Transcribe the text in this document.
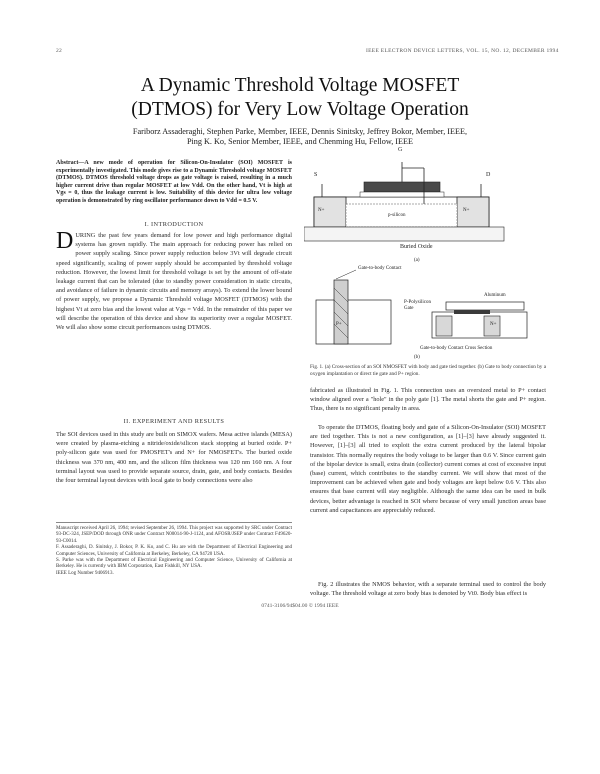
22	IEEE ELECTRON DEVICE LETTERS, VOL. 15, NO. 12, DECEMBER 1994
A Dynamic Threshold Voltage MOSFET
(DTMOS) for Very Low Voltage Operation
Fariborz Assaderaghi, Stephen Parke, Member, IEEE, Dennis Sinitsky, Jeffrey Bokor, Member, IEEE,
Ping K. Ko, Senior Member, IEEE, and Chenming Hu, Fellow, IEEE
Abstract—A new mode of operation for Silicon-On-Insulator (SOI) MOSFET is experimentally investigated. This mode gives rise to a Dynamic Threshold voltage MOSFET (DTMOS). DTMOS threshold voltage drops as gate voltage is raised, resulting in a much higher current drive than regular MOSFET at low Vdd. On the other hand, Vt is high at Vgs = 0, thus the leakage current is low. Suitability of this device for ultra low voltage operation is demonstrated by ring oscillator performance down to Vdd = 0.5 V.
I. INTRODUCTION
DURING the past few years demand for low power and high performance digital systems has grown rapidly. The main approach for reducing power has relied on power supply scaling. Since power supply reduction below 3Vt will degrade circuit speed significantly, scaling of power supply should be accompanied by threshold voltage reduction. However, the lowest limit for threshold voltage is set by the amount of off-state leakage current that can be tolerated (due to standby power consideration in static circuits, and avoidance of failure in dynamic circuits and memory arrays). To extend the lower bound of power supply, we propose a Dynamic Threshold voltage MOSFET (DTMOS) with the highest Vt at zero bias and the lowest value at Vgs = Vdd. In the remainder of this paper we will describe the operation of this device and show its superiority over a regular MOSFET. We will also show some circuit performances using DTMOS.
II. EXPERIMENT AND RESULTS
The SOI devices used in this study are built on SIMOX wafers. Mesa active islands (MESA) were created by plasma-etching a nitride/oxide/silicon stack stopping at buried oxide. P+ poly-silicon gate was used for PMOSFET's and N+ for NMOSFET's. The buried oxide thickness was 370 nm, 400 nm, and the silicon film thickness was 120 nm 160 nm. A four terminal layout was used to provide separate source, drain, gate, and body contacts. Besides the four terminal layout devices with local gate to body connections were also
Manuscript received April 26, 1994; revised September 26, 1994. This project was supported by SRC under Contract 93-DC-324, JSEP/DOD through ONR under Contract N00014-90-J-1124, and AFOSR/JSEP under Contract F49620-93-C0014.
F. Assaderaghi, D. Sinitsky, J. Bokor, P. K. Ko, and C. Hu are with the Department of Electrical Engineering and Computer Sciences, University of California at Berkeley, Berkeley, CA 94720 USA.
S. Parke was with the Department of Electrical Engineering and Computer Science, University of California at Berkeley. He is currently with IBM Corporation, East Fishkill, NY USA.
IEEE Log Number 9406913.
G
S	D
N+	N+
p-silicon
Buried Oxide
(a)
Gate-to-body Contact
Aluminum
P-Polysilicon Gate
P+	N+
Gate-to-body Contact Cross Section
(b)
Fig. 1. (a) Cross-section of an SOI NMOSFET with body and gate tied together. (b) Gate to body connection by a oxygen implantation or direct tie gate and P+ region.
fabricated as illustrated in Fig. 1. This connection uses an oversized metal to P+ contact window aligned over a "hole" in the poly gate [1]. The metal shorts the gate and P+ region. Thus, there is no significant penalty in area.
To operate the DTMOS, floating body and gate of a Silicon-On-Insulator (SOI) MOSFET are tied together. This is not a new configuration, as [1]–[3] have already suggested it. However, [1]–[3] all tried to exploit the extra current produced by the lateral bipolar transistor. This normally requires the body voltage to be larger than 0.6 V. Since current gain of the bipolar device is small, extra drain (collector) current comes at cost of excessive input (base) current, which contributes to the standby current. We will show that most of the improvement can be achieved when gate and body voltages are kept below 0.6 V. This also ensures that base current will stay negligible. Although the same idea can be used in bulk devices, better advantage is reached in SOI where because of very small junction areas base current and capacitances are appreciably reduced.
Fig. 2 illustrates the NMOS behavior, with a separate terminal used to control the body voltage. The threshold voltage at zero body bias is denoted by Vt0. Body bias effect is
0741-3106/94$04.00 © 1994 IEEE
